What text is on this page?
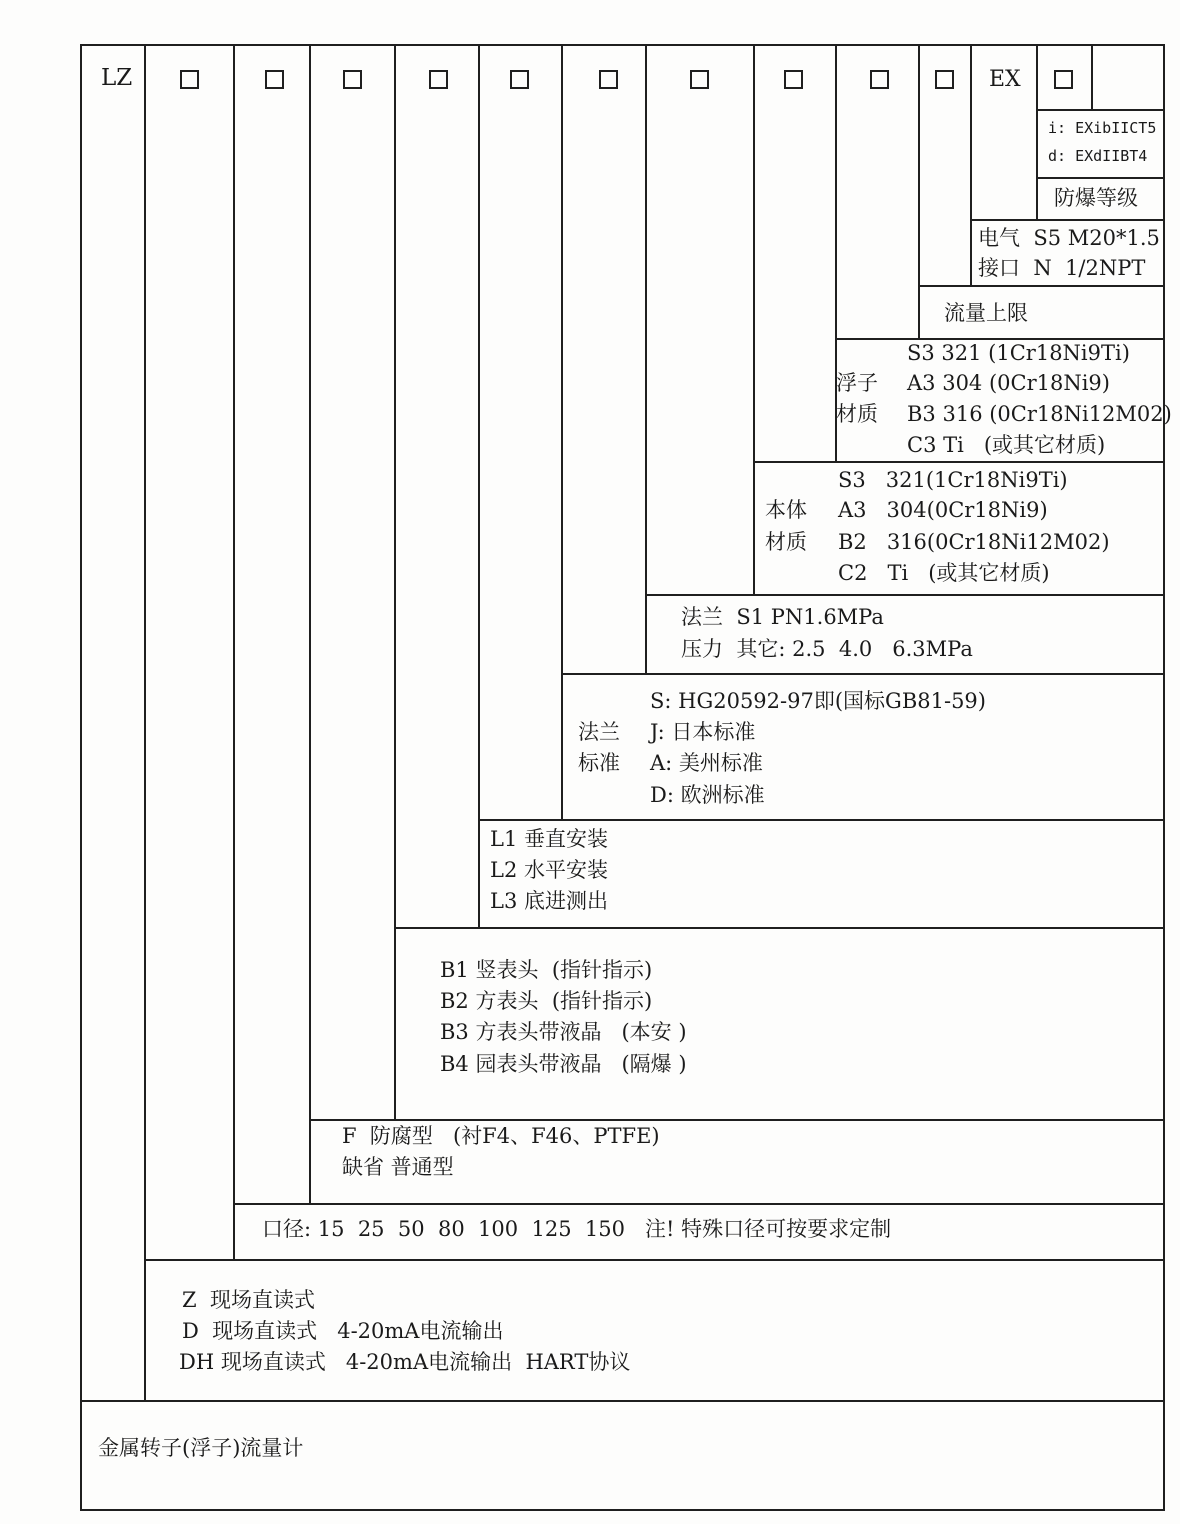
LZ	EX
i: EXibIICT5
d: EXdIIBT4
防爆等级
电气  S5 M20*1.5
接口  N  1/2NPT
流量上限
浮子
材质
S3 321 (1Cr18Ni9Ti)
A3 304 (0Cr18Ni9)
B3 316 (0Cr18Ni12M02)
C3 Ti   (或其它材质)
本体
材质
S3   321(1Cr18Ni9Ti)
A3   304(0Cr18Ni9)
B2   316(0Cr18Ni12M02)
C2   Ti   (或其它材质)
法兰  S1 PN1.6MPa
压力  其它: 2.5  4.0   6.3MPa
法兰
标准
S: HG20592-97即(国标GB81-59)
J: 日本标准
A: 美州标准
D: 欧洲标准
L1 垂直安装
L2 水平安装
L3 底进测出
B1 竖表头  (指针指示)
B2 方表头  (指针指示)
B3 方表头带液晶   (本安 )
B4 园表头带液晶   (隔爆 )
F  防腐型   (衬F4、F46、PTFE)
缺省 普通型
口径: 15  25  50  80  100  125  150   注! 特殊口径可按要求定制
Z  现场直读式
D  现场直读式   4-20mA电流输出
DH 现场直读式   4-20mA电流输出  HART协议
金属转子(浮子)流量计
